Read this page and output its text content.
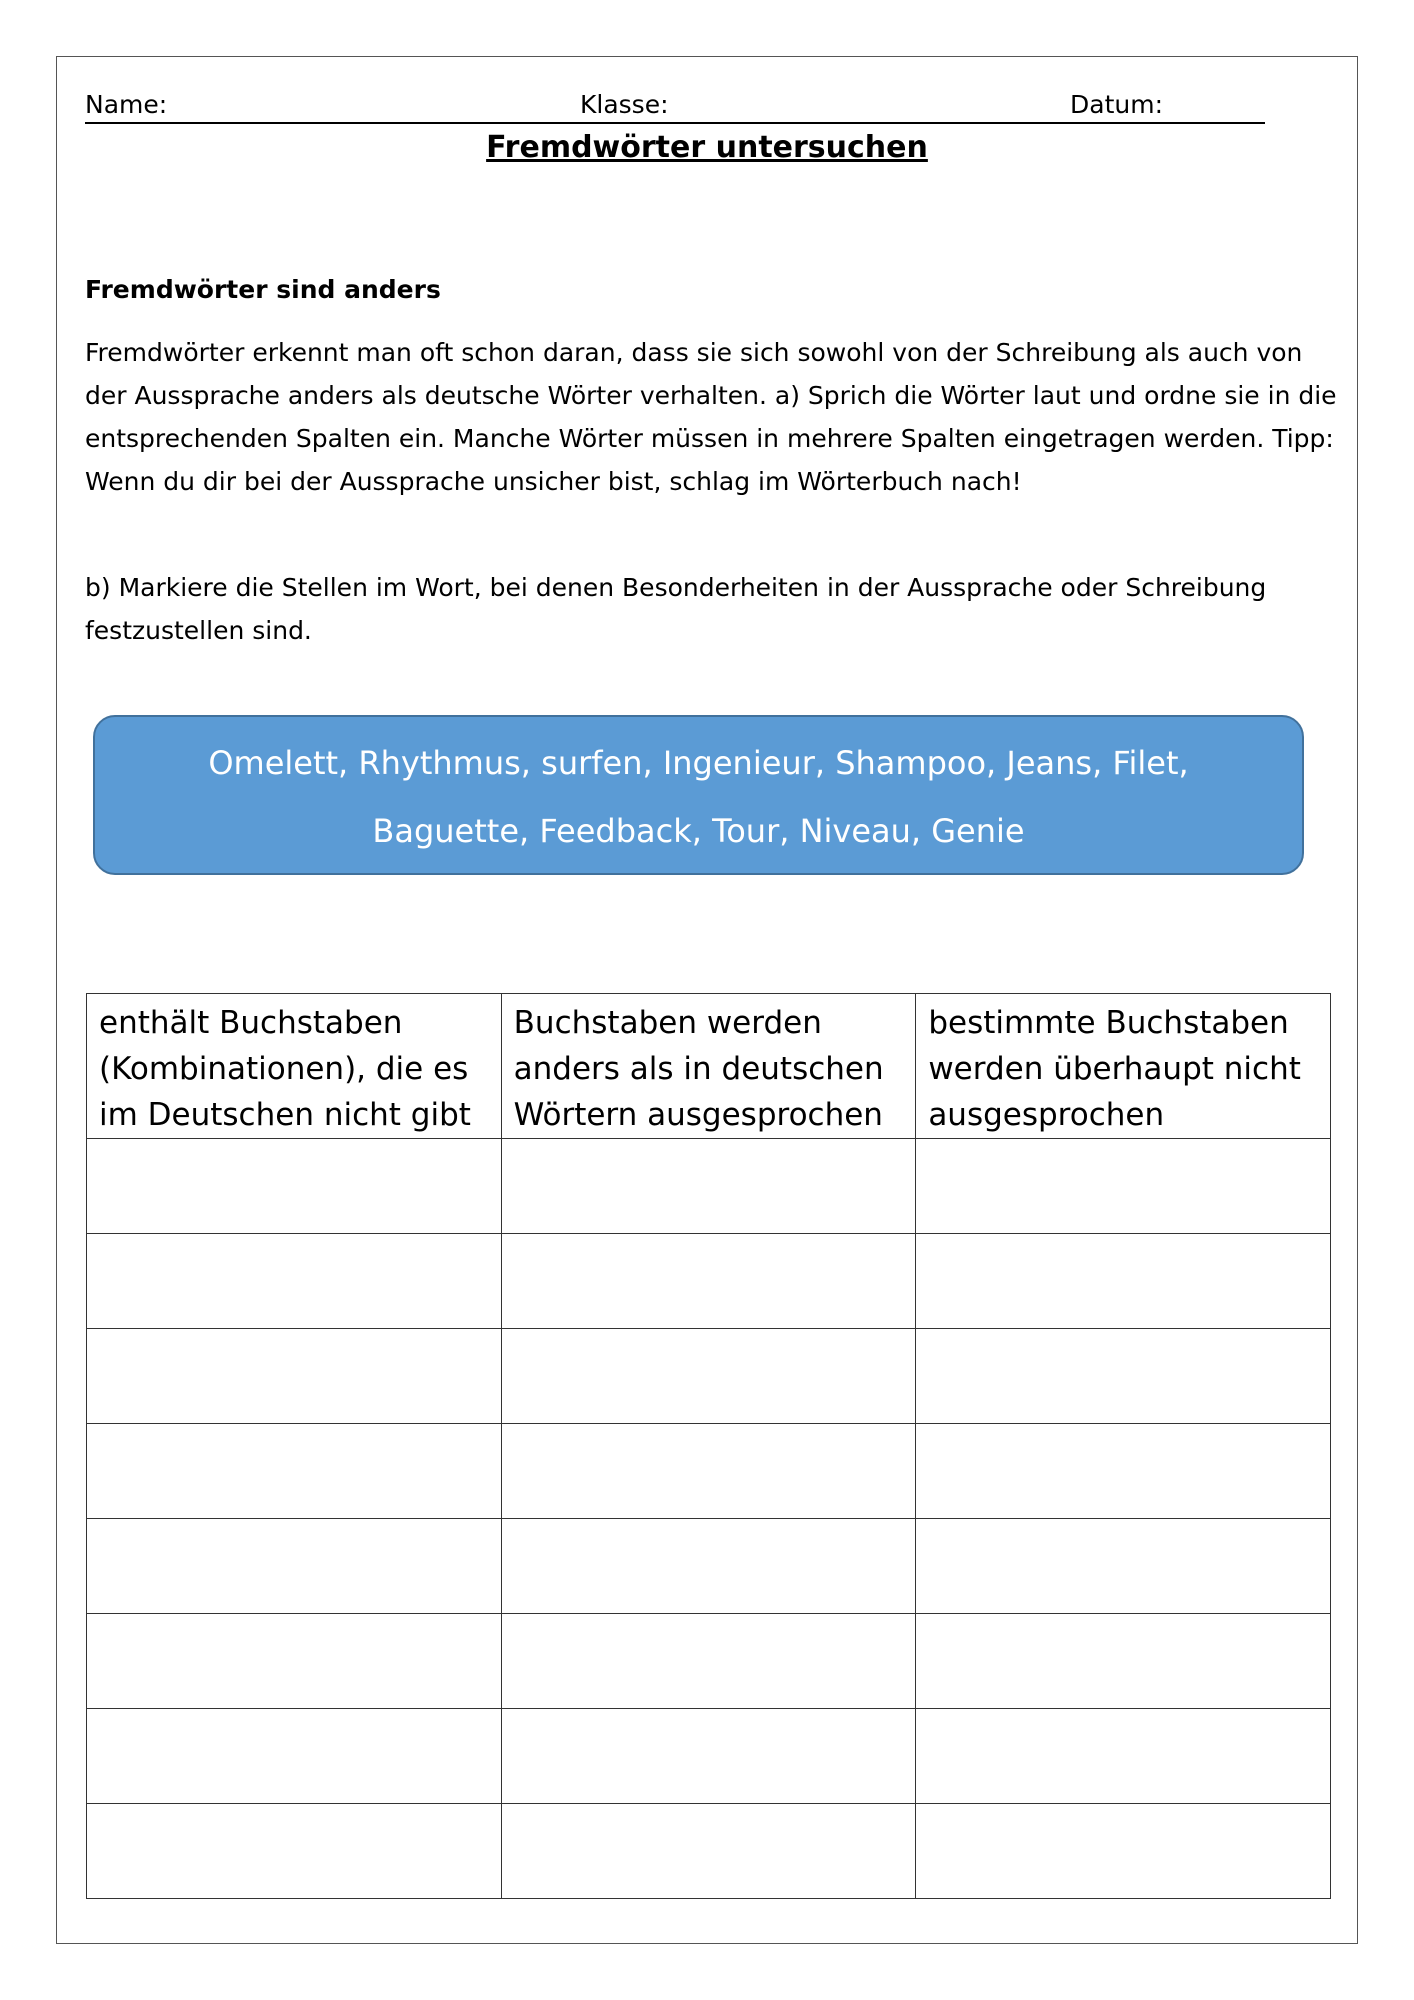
Name:	Klasse:	Datum:
Fremdwörter untersuchen
Fremdwörter sind anders
Fremdwörter erkennt man oft schon daran, dass sie sich sowohl von der Schreibung als auch von der Aussprache anders als deutsche Wörter verhalten. a) Sprich die Wörter laut und ordne sie in die entsprechenden Spalten ein. Manche Wörter müssen in mehrere Spalten eingetragen werden. Tipp: Wenn du dir bei der Aussprache unsicher bist, schlag im Wörterbuch nach!
b) Markiere die Stellen im Wort, bei denen Besonderheiten in der Aussprache oder Schreibung festzustellen sind.
Omelett, Rhythmus, surfen, Ingenieur, Shampoo, Jeans, Filet,
Baguette, Feedback, Tour, Niveau, Genie
enthält Buchstaben (Kombinationen), die es im Deutschen nicht gibt	Buchstaben werden anders als in deutschen Wörtern ausgesprochen	bestimmte Buchstaben werden überhaupt nicht ausgesprochen
